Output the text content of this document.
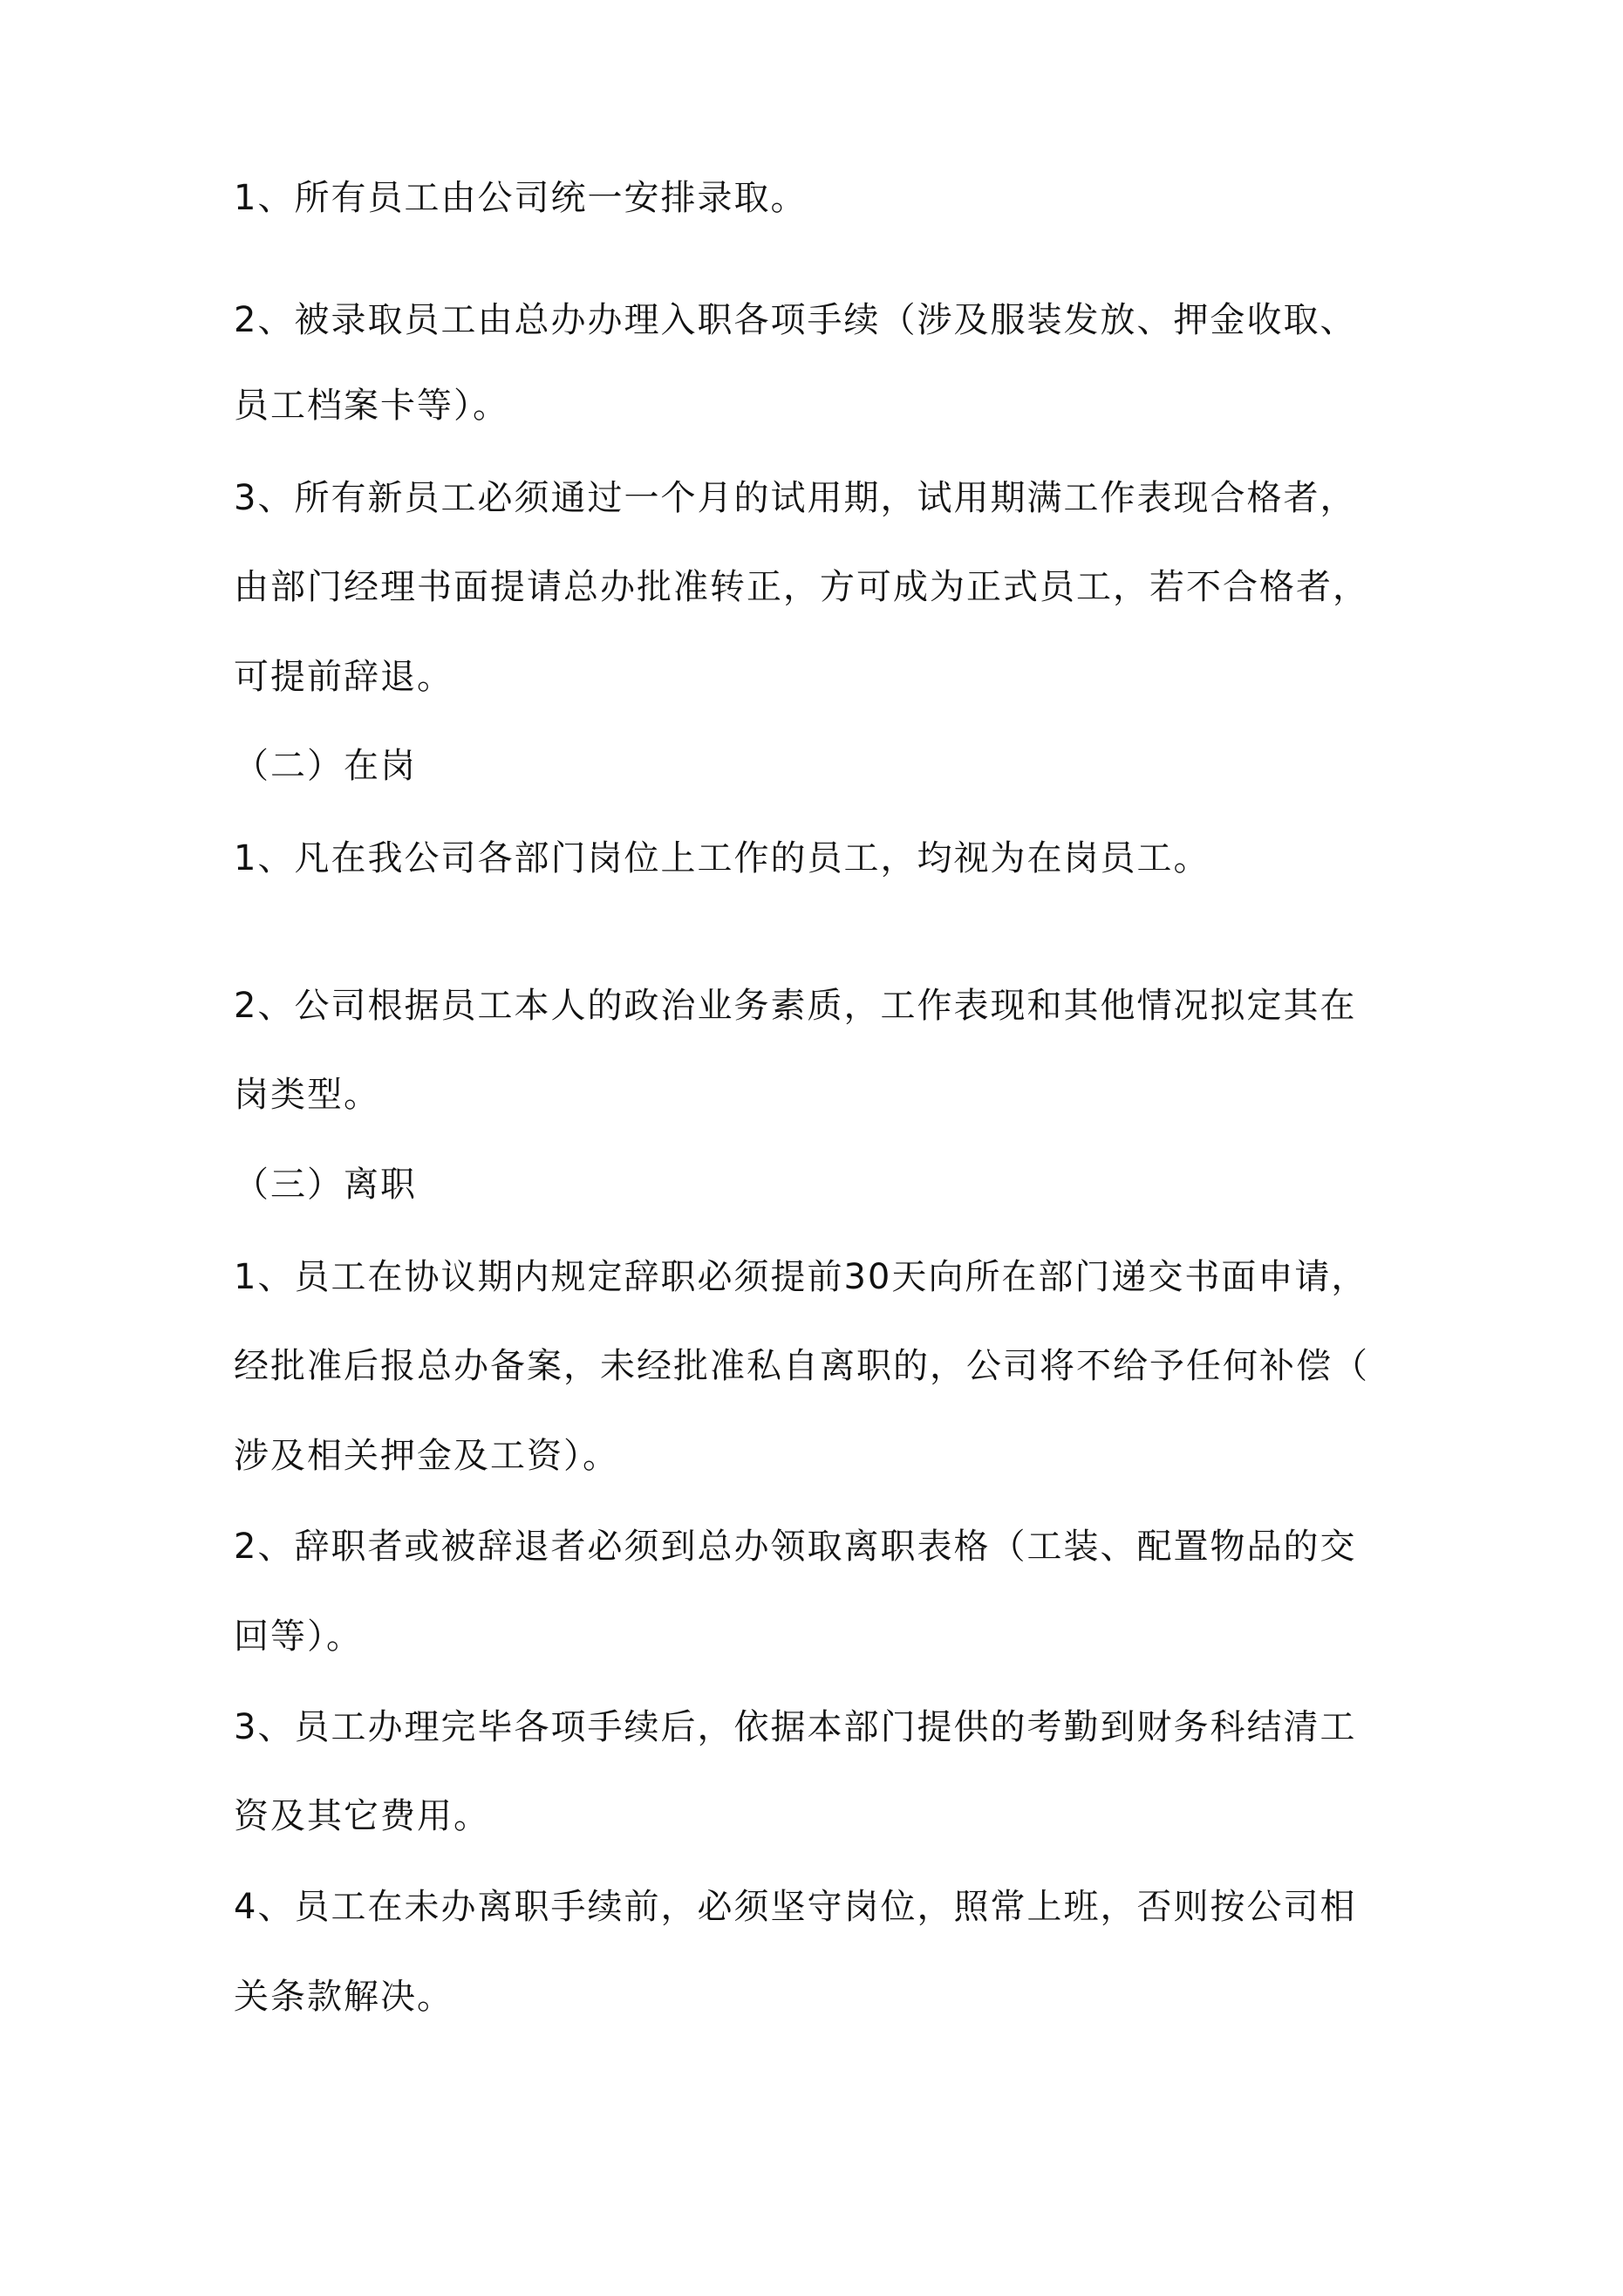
1、所有员工由公司统一安排录取。

2、被录取员工由总办办理入职各项手续（涉及服装发放、押金收取、

员工档案卡等）。

3、所有新员工必须通过一个月的试用期，试用期满工作表现合格者，

由部门经理书面提请总办批准转正，方可成为正式员工，若不合格者，

可提前辞退。

（二）在岗

1、凡在我公司各部门岗位上工作的员工，均视为在岗员工。

2、公司根据员工本人的政治业务素质，工作表现和其他情况拟定其在

岗类型。

（三）离职

1、员工在协议期内规定辞职必须提前30天向所在部门递交书面申请，

经批准后报总办备案，未经批准私自离职的，公司将不给予任何补偿（

涉及相关押金及工资）。

2、辞职者或被辞退者必须到总办领取离职表格（工装、配置物品的交

回等）。

3、员工办理完毕各项手续后，依据本部门提供的考勤到财务科结清工

资及其它费用。

4、员工在未办离职手续前，必须坚守岗位，照常上班，否则按公司相

关条款解决。
